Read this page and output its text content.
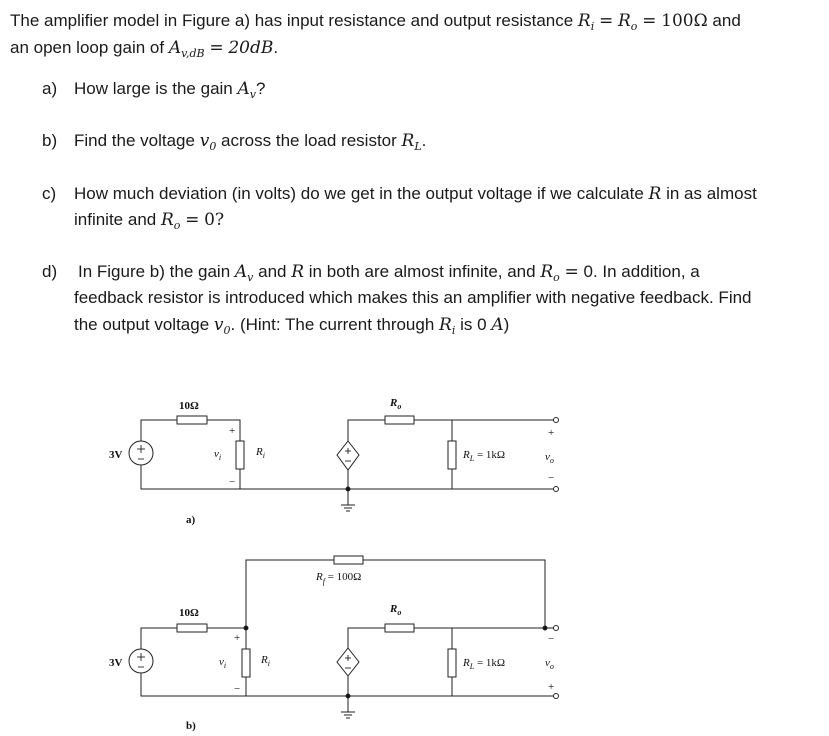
The amplifier model in Figure a) has input resistance and output resistance $R_i = R_o = 100\Omega$ and
an open loop gain of $A_{v,dB} = 20dB$.
a) How large is the gain $A_v$?
b) Find the voltage $v_0$ across the load resistor $R_L$.
c) How much deviation (in volts) do we get in the output voltage if we calculate R in as almost
infinite and $R_o = 0$?
d) In Figure b) the gain $A_v$ and R in both are almost infinite, and $R_o = 0$. In addition, a
feedback resistor is introduced which makes this an amplifier with negative feedback. Find
the output voltage $v_0$. (Hint: The current through $R_i$ is 0 A)
3V
10Ω
+
−
$v_i$	$R_i$
$R_o$
$R_L = 1k\Omega$
+
−
$v_o$
a)
3V
10Ω
$R_f = 100\Omega$
+
−
$v_i$	$R_i$
$R_o$
$R_L = 1k\Omega$
−
+
$v_o$
b)
